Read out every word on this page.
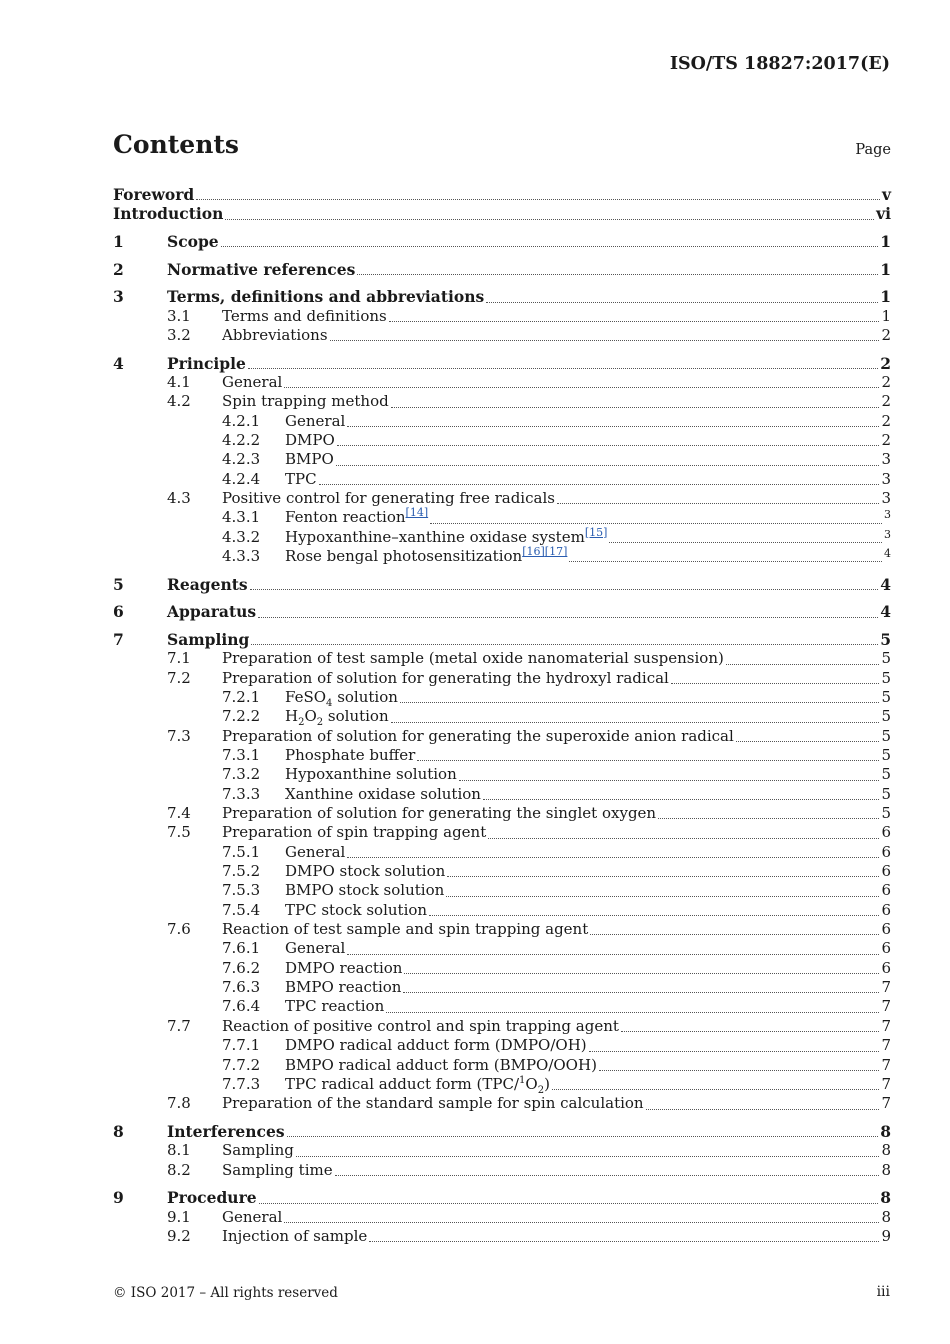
ISO/TS 18827:2017(E)
Contents	Page
Foreword	v
Introduction	vi
1	Scope	1
2	Normative references	1
3	Terms, definitions and abbreviations	1
3.1 Terms and definitions	1
3.2 Abbreviations	2
4	Principle	2
4.1 General	2
4.2 Spin trapping method	2
4.2.1 General	2
4.2.2 DMPO	2
4.2.3 BMPO	3
4.2.4 TPC	3
4.3 Positive control for generating free radicals	3
4.3.1 Fenton reaction[14]	3
4.3.2 Hypoxanthine–xanthine oxidase system[15]	3
4.3.3 Rose bengal photosensitization[16][17]	4
5	Reagents	4
6	Apparatus	4
7	Sampling	5
7.1 Preparation of test sample (metal oxide nanomaterial suspension)	5
7.2 Preparation of solution for generating the hydroxyl radical	5
7.2.1 FeSO$_4$ solution	5
7.2.2 $H_2O_2$ solution	5
7.3 Preparation of solution for generating the superoxide anion radical	5
7.3.1 Phosphate buffer	5
7.3.2 Hypoxanthine solution	5
7.3.3 Xanthine oxidase solution	5
7.4 Preparation of solution for generating the singlet oxygen	5
7.5 Preparation of spin trapping agent	6
7.5.1 General	6
7.5.2 DMPO stock solution	6
7.5.3 BMPO stock solution	6
7.5.4 TPC stock solution	6
7.6 Reaction of test sample and spin trapping agent	6
7.6.1 General	6
7.6.2 DMPO reaction	6
7.6.3 BMPO reaction	7
7.6.4 TPC reaction	7
7.7 Reaction of positive control and spin trapping agent	7
7.7.1 DMPO radical adduct form (DMPO/OH)	7
7.7.2 BMPO radical adduct form (BMPO/OOH)	7
7.7.3 TPC radical adduct form $(TPC/^1O_2)$	7
7.8 Preparation of the standard sample for spin calculation	7
8	Interferences	8
8.1 Sampling	8
8.2 Sampling time	8
9	Procedure	8
9.1 General	8
9.2 Injection of sample	9
© ISO 2017 – All rights reserved	iii
